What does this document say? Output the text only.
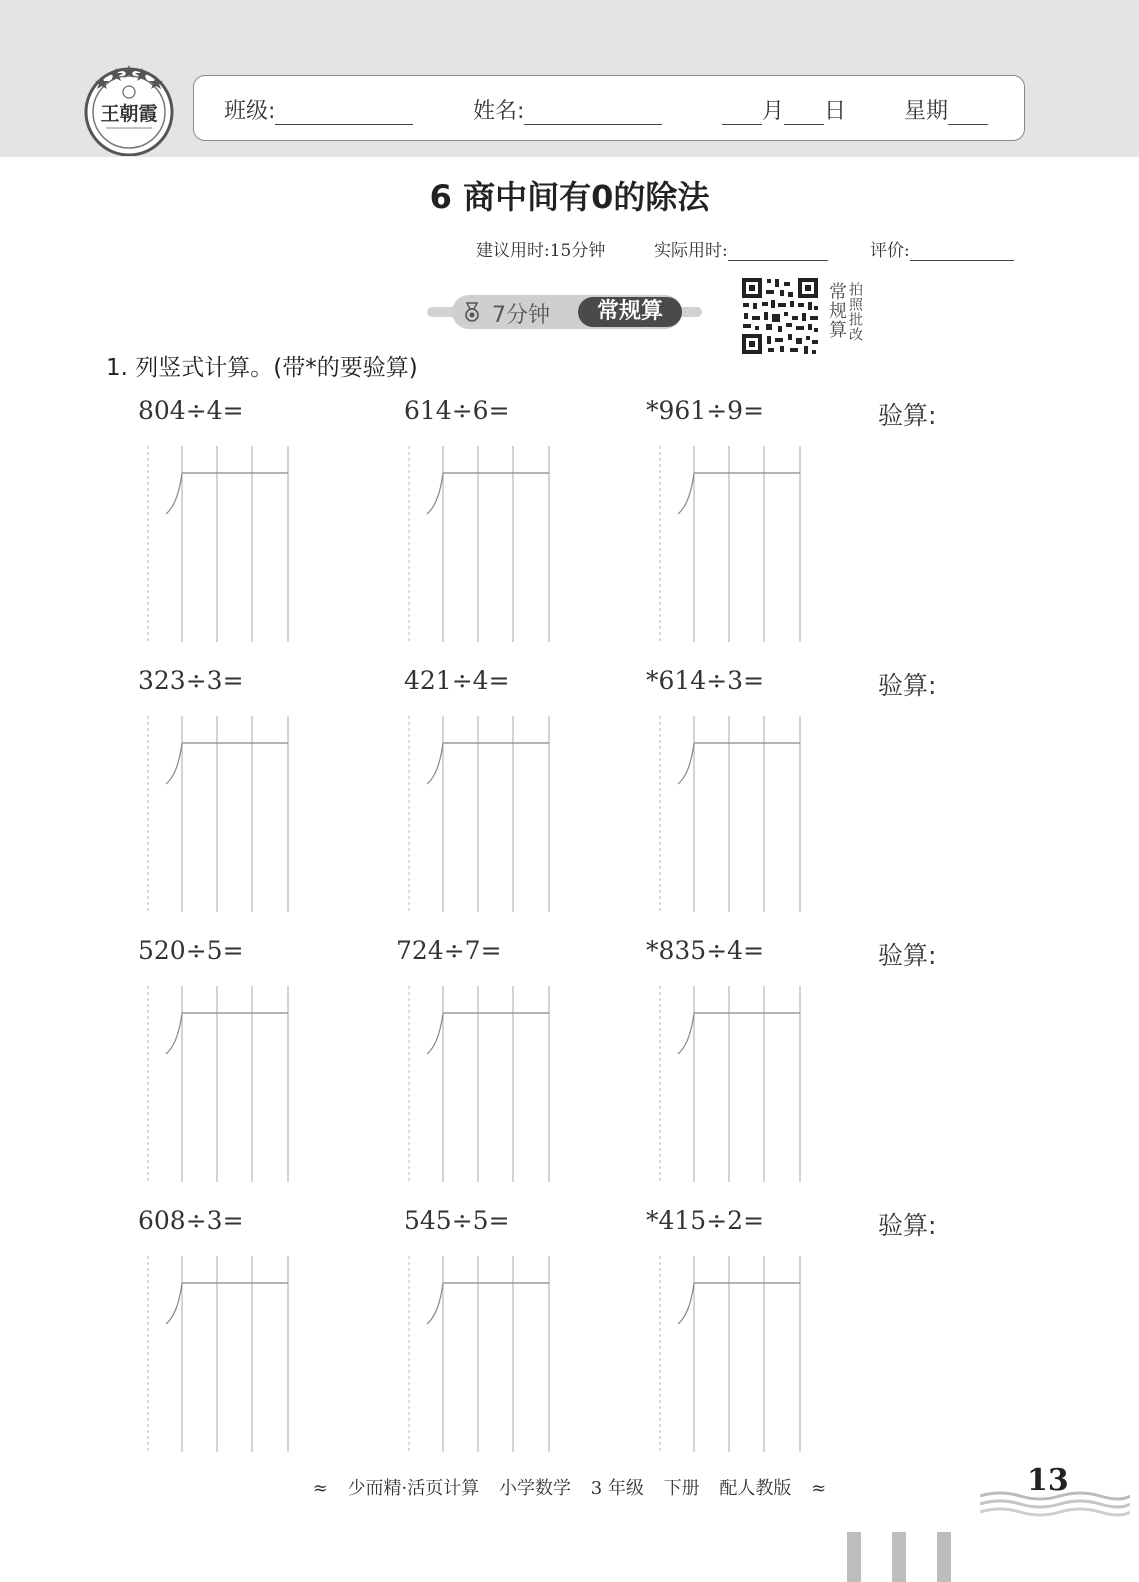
王朝霞	班级:	姓名:	月 日	星期
6 商中间有0的除法
建议用时:15分钟	实际用时:	评价:
7分钟	常规算	常规算 拍照批改
1. 列竖式计算。(带*的要验算)
804÷4=	614÷6=	*961÷9=	验算:
323÷3=	421÷4=	*614÷3=	验算:
520÷5=	724÷7=	*835÷4=	验算:
608÷3=	545÷5=	*415÷2=	验算:
≈ 少而精·活页计算 小学数学 3 年级 下册 配人教版 ≈	13
